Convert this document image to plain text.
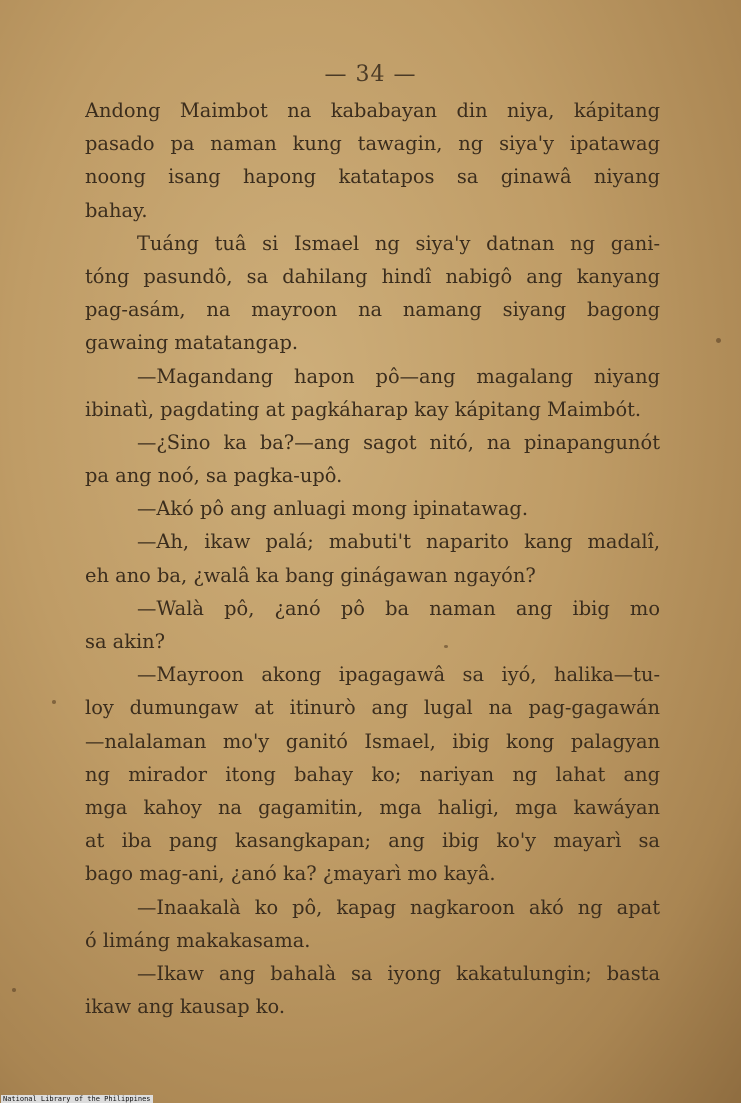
— 34 —
Andong Maimbot na kababayan din niya, kápitang
pasado pa naman kung tawagin, ng siya'y ipatawag
noong isang hapong katatapos sa ginawâ niyang
bahay.
Tuáng tuâ si Ismael ng siya'y datnan ng gani-
tóng pasundô, sa dahilang hindî nabigô ang kanyang
pag-asám, na mayroon na namang siyang bagong
gawaing matatangap.
—Magandang hapon pô—ang magalang niyang
ibinatì, pagdating at pagkáharap kay kápitang Maimbót.
—¿Sino ka ba?—ang sagot nitó, na pinapangunót
pa ang noó, sa pagka-upô.
—Akó pô ang anluagi mong ipinatawag.
—Ah, ikaw palá; mabuti't naparito kang madalî,
eh ano ba, ¿walâ ka bang ginágawan ngayón?
—Walà pô, ¿anó pô ba naman ang ibig mo
sa akin?
—Mayroon akong ipagagawâ sa iyó, halika—tu-
loy dumungaw at itinurò ang lugal na pag-gagawán
—nalalaman mo'y ganitó Ismael, ibig kong palagyan
ng mirador itong bahay ko; nariyan ng lahat ang
mga kahoy na gagamitin, mga haligi, mga kawáyan
at iba pang kasangkapan; ang ibig ko'y mayarì sa
bago mag-ani, ¿anó ka? ¿mayarì mo kayâ.
—Inaakalà ko pô, kapag nagkaroon akó ng apat
ó limáng makakasama.
—Ikaw ang bahalà sa iyong kakatulungin; basta
ikaw ang kausap ko.
National Library of the Philippines
